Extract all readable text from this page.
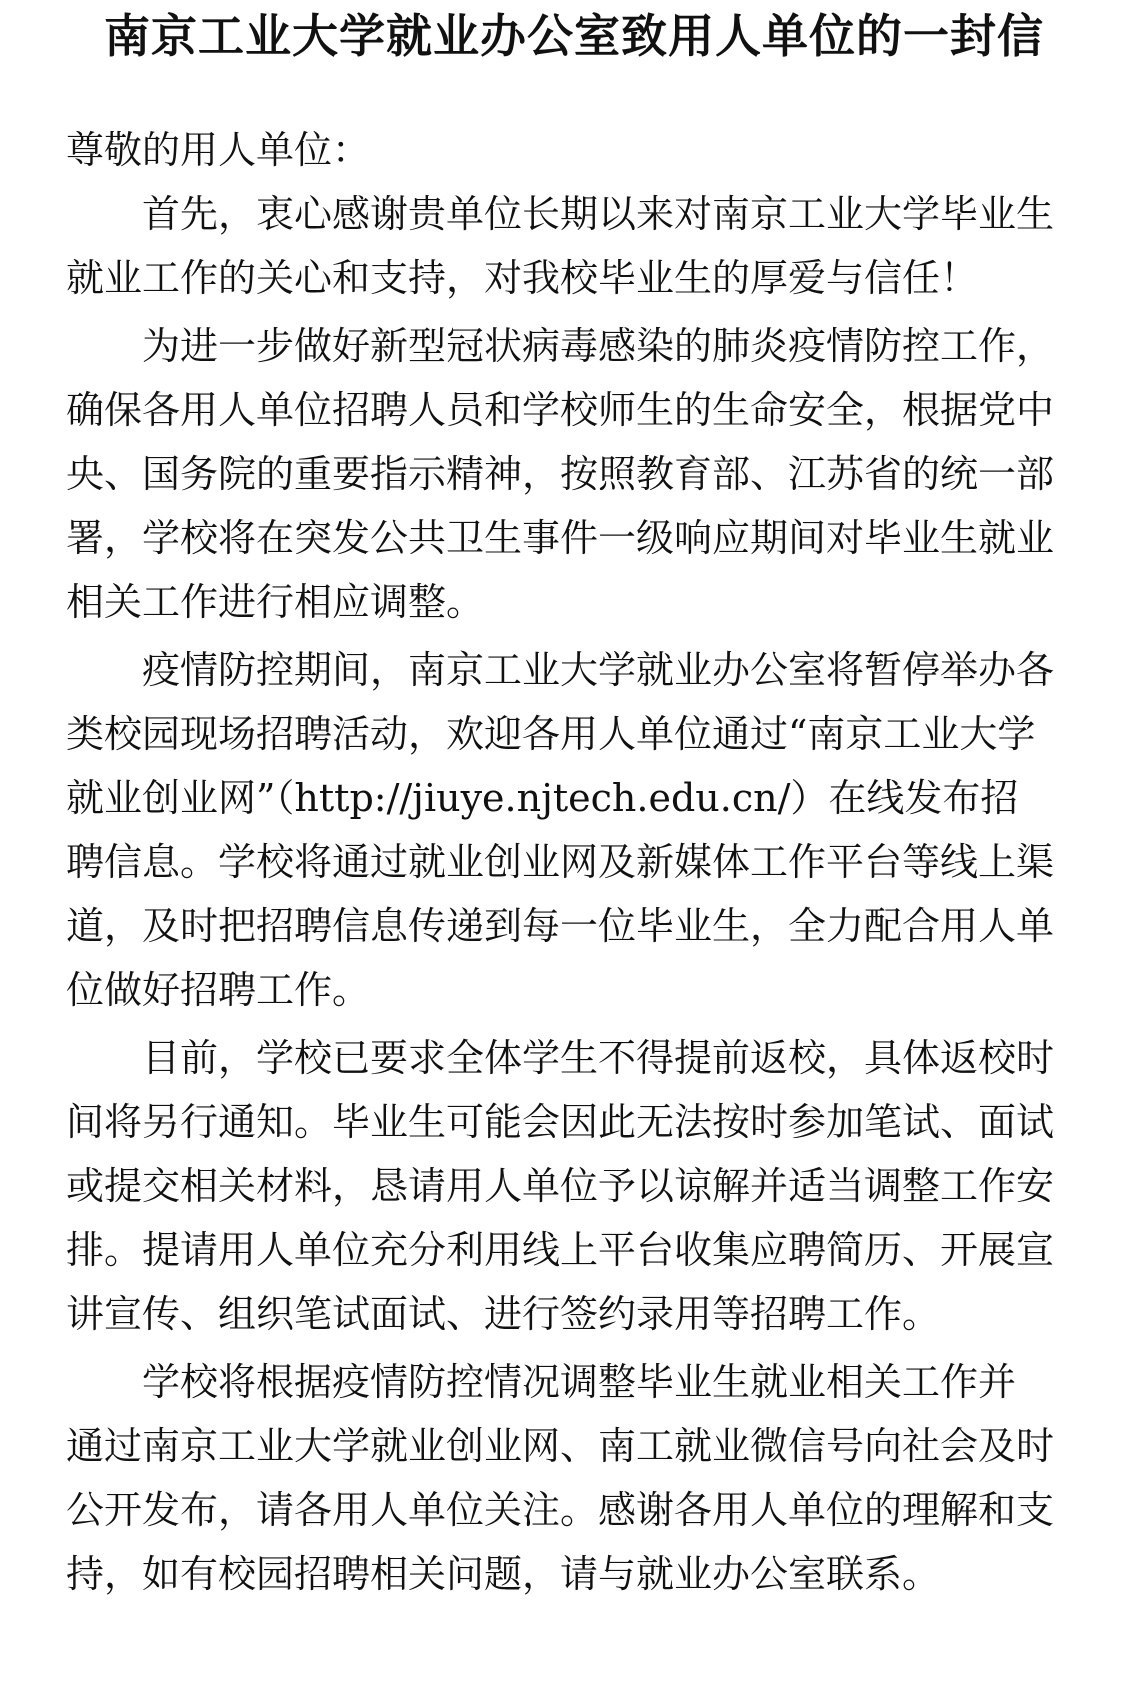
南京工业大学就业办公室致用人单位的一封信

尊敬的用人单位：

首先，衷心感谢贵单位长期以来对南京工业大学毕业生
就业工作的关心和支持，对我校毕业生的厚爱与信任！

为进一步做好新型冠状病毒感染的肺炎疫情防控工作，
确保各用人单位招聘人员和学校师生的生命安全，根据党中
央、国务院的重要指示精神，按照教育部、江苏省的统一部
署，学校将在突发公共卫生事件一级响应期间对毕业生就业
相关工作进行相应调整。

疫情防控期间，南京工业大学就业办公室将暂停举办各
类校园现场招聘活动，欢迎各用人单位通过“南京工业大学
就业创业网”（http://jiuye.njtech.edu.cn/）在线发布招
聘信息。学校将通过就业创业网及新媒体工作平台等线上渠
道，及时把招聘信息传递到每一位毕业生，全力配合用人单
位做好招聘工作。

目前，学校已要求全体学生不得提前返校，具体返校时
间将另行通知。毕业生可能会因此无法按时参加笔试、面试
或提交相关材料，恳请用人单位予以谅解并适当调整工作安
排。提请用人单位充分利用线上平台收集应聘简历、开展宣
讲宣传、组织笔试面试、进行签约录用等招聘工作。

学校将根据疫情防控情况调整毕业生就业相关工作并
通过南京工业大学就业创业网、南工就业微信号向社会及时
公开发布，请各用人单位关注。感谢各用人单位的理解和支
持，如有校园招聘相关问题，请与就业办公室联系。
